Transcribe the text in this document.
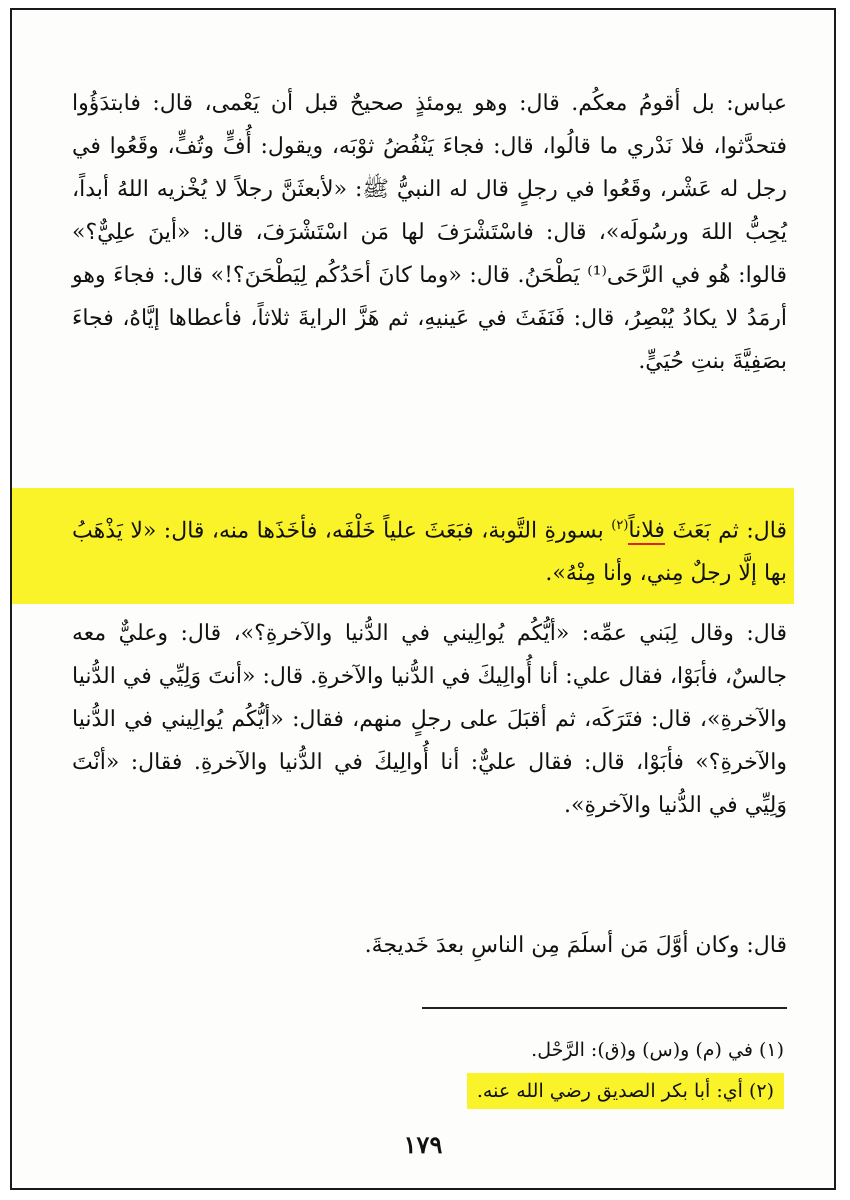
عباس: بل أقومُ معكُم. قال: وهو يومئذٍ صحيحٌ قبل أن يَعْمى، قال: فابتدَؤُوا فتحدَّثوا، فلا نَدْري ما قالُوا، قال: فجاءَ يَنْفُضُ ثوْبَه، ويقول: أُفٍّ وتُفٍّ، وقَعُوا في رجل له عَشْر، وقَعُوا في رجلٍ قال له النبيُّ ﷺ: «لأبعثَنَّ رجلاً لا يُخْزيه اللهُ أبداً، يُحِبُّ اللهَ ورسُولَه»، قال: فاسْتَشْرَفَ لها مَن اسْتَشْرَفَ، قال: «أينَ علِيٌّ؟» قالوا: هُو في الرَّحَى⁽¹⁾ يَطْحَنُ. قال: «وما كانَ أحَدُكُم لِيَطْحَنَ؟!» قال: فجاءَ وهو أرمَدُ لا يكادُ يُبْصِرُ، قال: فَنَفَثَ في عَينيهِ، ثم هَزَّ الرايةَ ثلاثاً، فأعطاها إيَّاهُ، فجاءَ بصَفِيَّةَ بنتِ حُيَيٍّ.
قال: ثم بَعَثَ فلاناً$^{(٢)}$ بسورةِ التَّوبة، فبَعَثَ علياً خَلْفَه، فأخَذَها منه، قال: «لا يَذْهَبُ بها إلَّا رجلٌ مِني، وأنا مِنْهُ».
قال: وقال لِبَني عمِّه: «أيُّكُم يُوالِيني في الدُّنيا والآخرةِ؟»، قال: وعليٌّ معه جالسٌ، فأبَوْا، فقال علي: أنا أُوالِيكَ في الدُّنيا والآخرةِ. قال: «أنتَ وَلِيِّي في الدُّنيا والآخرةِ»، قال: فتَرَكَه، ثم أقبَلَ على رجلٍ منهم، فقال: «أيُّكُم يُوالِيني في الدُّنيا والآخرةِ؟» فأبَوْا، قال: فقال عليٌّ: أنا أُوالِيكَ في الدُّنيا والآخرةِ. فقال: «أنْتَ وَلِيِّي في الدُّنيا والآخرةِ».
قال: وكان أوَّلَ مَن أسلَمَ مِن الناسِ بعدَ خَديجةَ.
(١) في (م) و(س) و(ق): الرَّحْل.
(٢) أي: أبا بكر الصديق رضي الله عنه.
١٧٩
